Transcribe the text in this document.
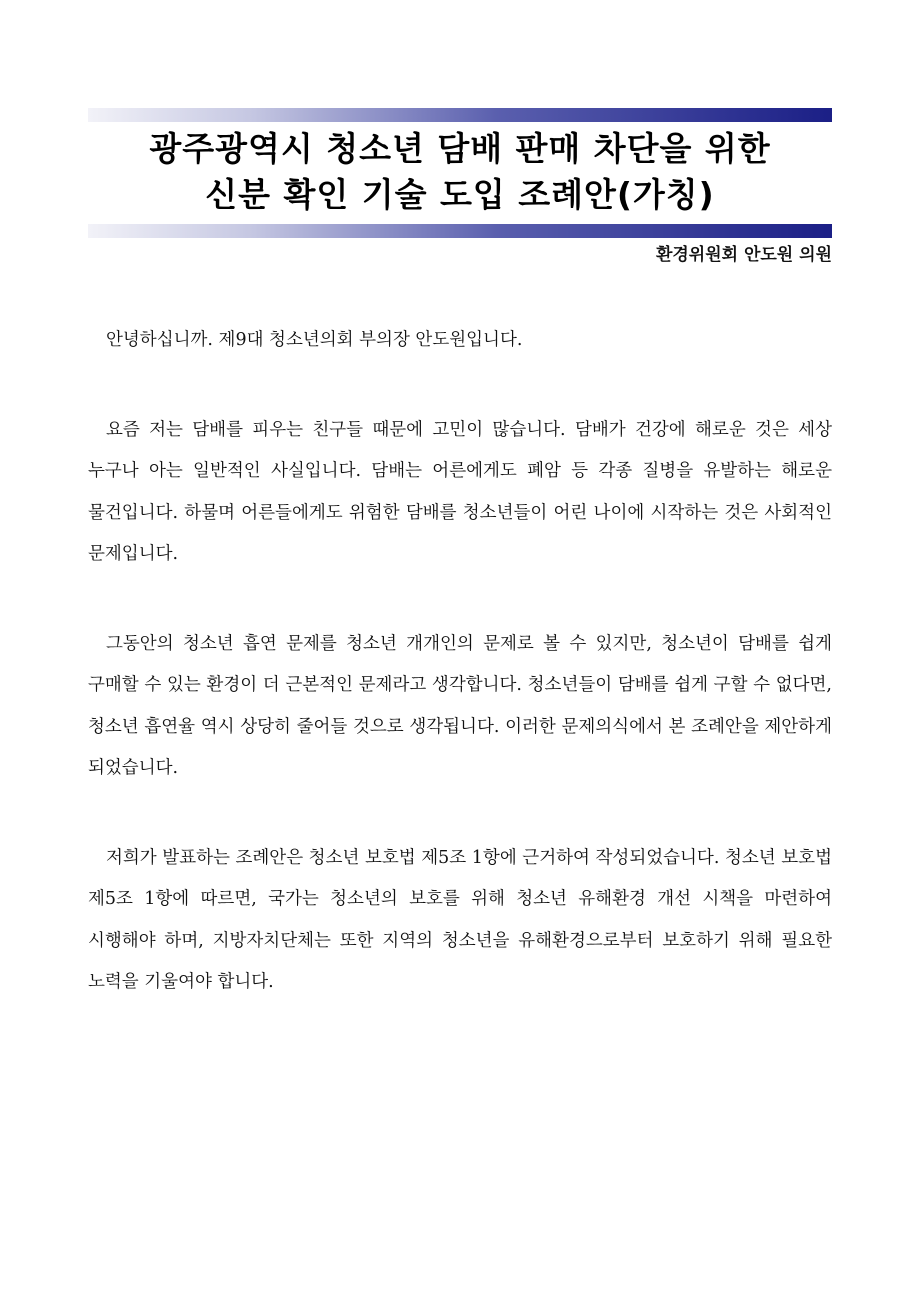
광주광역시 청소년 담배 판매 차단을 위한
신분 확인 기술 도입 조례안(가칭)
환경위원회 안도원 의원

안녕하십니까. 제9대 청소년의회 부의장 안도원입니다.

요즘 저는 담배를 피우는 친구들 때문에 고민이 많습니다. 담배가 건강에 해로운 것은 세상 누구나 아는 일반적인 사실입니다. 담배는 어른에게도 폐암 등 각종 질병을 유발하는 해로운 물건입니다. 하물며 어른들에게도 위험한 담배를 청소년들이 어린 나이에 시작하는 것은 사회적인 문제입니다.

그동안의 청소년 흡연 문제를 청소년 개개인의 문제로 볼 수 있지만, 청소년이 담배를 쉽게 구매할 수 있는 환경이 더 근본적인 문제라고 생각합니다. 청소년들이 담배를 쉽게 구할 수 없다면, 청소년 흡연율 역시 상당히 줄어들 것으로 생각됩니다. 이러한 문제의식에서 본 조례안을 제안하게 되었습니다.

저희가 발표하는 조례안은 청소년 보호법 제5조 1항에 근거하여 작성되었습니다. 청소년 보호법 제5조 1항에 따르면, 국가는 청소년의 보호를 위해 청소년 유해환경 개선 시책을 마련하여 시행해야 하며, 지방자치단체는 또한 지역의 청소년을 유해환경으로부터 보호하기 위해 필요한 노력을 기울여야 합니다.
